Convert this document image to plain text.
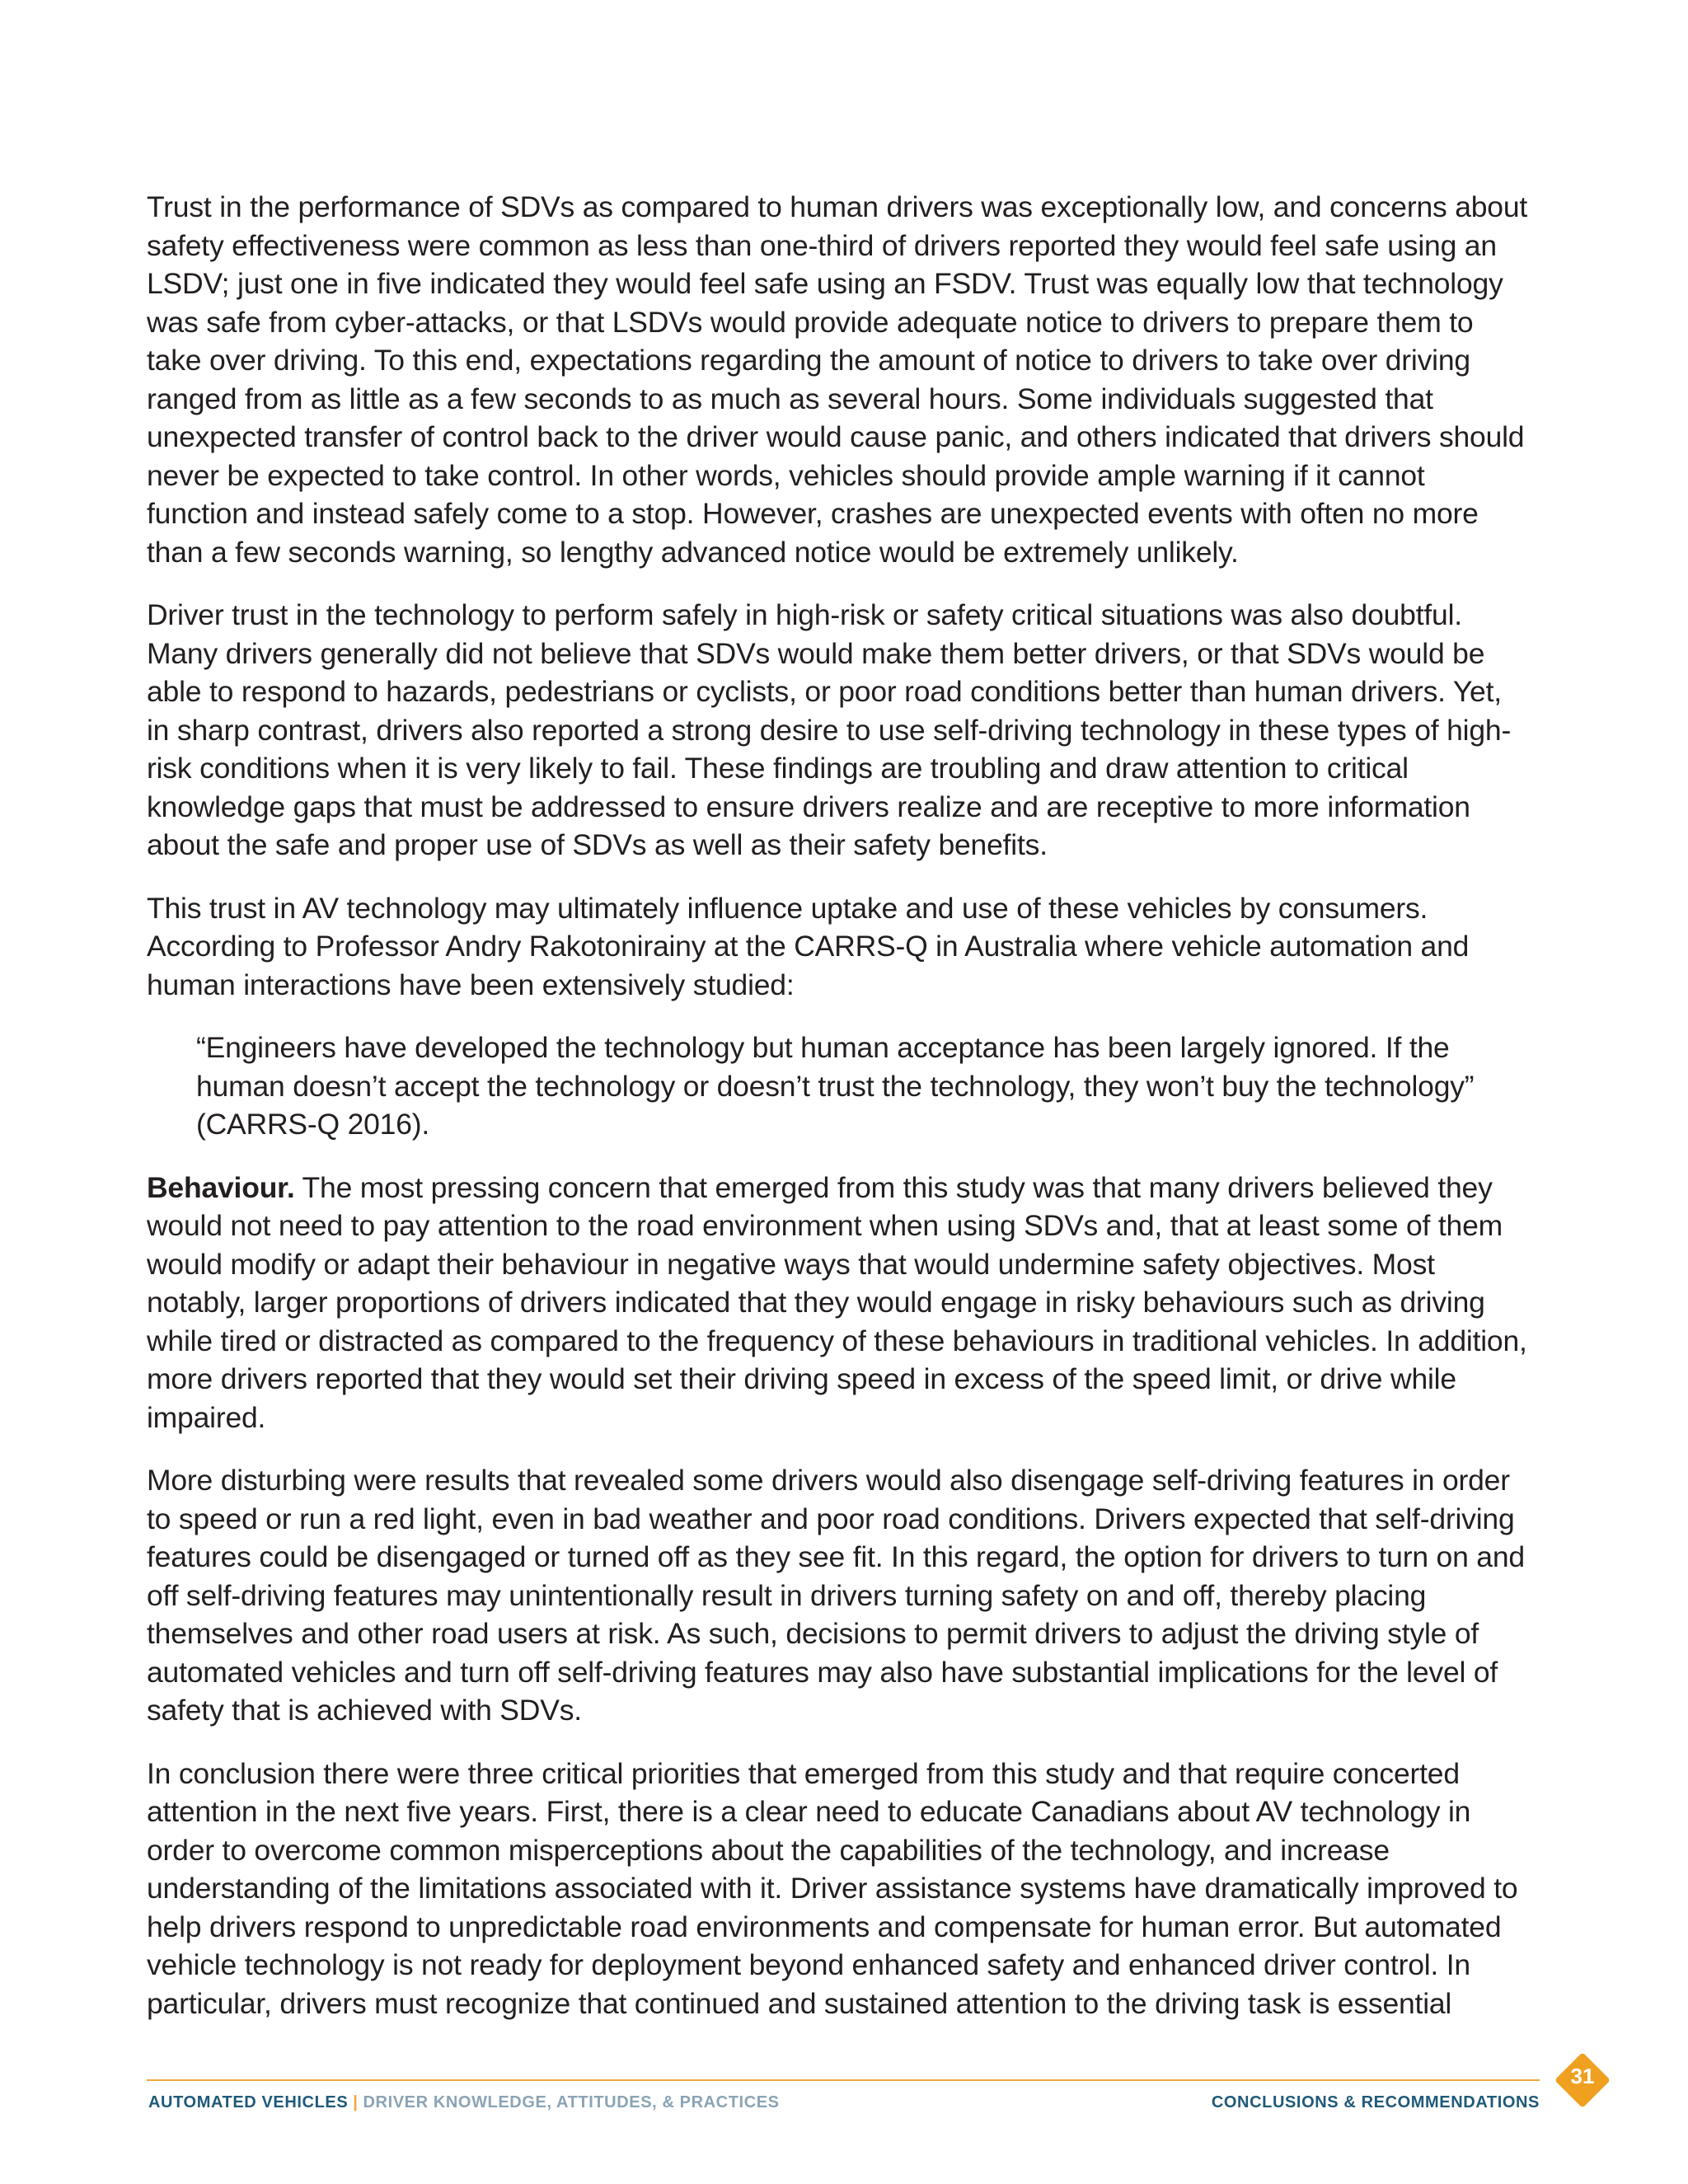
Trust in the performance of SDVs as compared to human drivers was exceptionally low, and concerns about safety effectiveness were common as less than one-third of drivers reported they would feel safe using an LSDV; just one in five indicated they would feel safe using an FSDV. Trust was equally low that technology was safe from cyber-attacks, or that LSDVs would provide adequate notice to drivers to prepare them to take over driving. To this end, expectations regarding the amount of notice to drivers to take over driving ranged from as little as a few seconds to as much as several hours. Some individuals suggested that unexpected transfer of control back to the driver would cause panic, and others indicated that drivers should never be expected to take control. In other words, vehicles should provide ample warning if it cannot function and instead safely come to a stop. However, crashes are unexpected events with often no more than a few seconds warning, so lengthy advanced notice would be extremely unlikely.

Driver trust in the technology to perform safely in high-risk or safety critical situations was also doubtful. Many drivers generally did not believe that SDVs would make them better drivers, or that SDVs would be able to respond to hazards, pedestrians or cyclists, or poor road conditions better than human drivers. Yet, in sharp contrast, drivers also reported a strong desire to use self-driving technology in these types of high-risk conditions when it is very likely to fail. These findings are troubling and draw attention to critical knowledge gaps that must be addressed to ensure drivers realize and are receptive to more information about the safe and proper use of SDVs as well as their safety benefits.

This trust in AV technology may ultimately influence uptake and use of these vehicles by consumers. According to Professor Andry Rakotonirainy at the CARRS-Q in Australia where vehicle automation and human interactions have been extensively studied:

“Engineers have developed the technology but human acceptance has been largely ignored. If the human doesn’t accept the technology or doesn’t trust the technology, they won’t buy the technology” (CARRS-Q 2016).

Behaviour. The most pressing concern that emerged from this study was that many drivers believed they would not need to pay attention to the road environment when using SDVs and, that at least some of them would modify or adapt their behaviour in negative ways that would undermine safety objectives. Most notably, larger proportions of drivers indicated that they would engage in risky behaviours such as driving while tired or distracted as compared to the frequency of these behaviours in traditional vehicles. In addition, more drivers reported that they would set their driving speed in excess of the speed limit, or drive while impaired.

More disturbing were results that revealed some drivers would also disengage self-driving features in order to speed or run a red light, even in bad weather and poor road conditions. Drivers expected that self-driving features could be disengaged or turned off as they see fit. In this regard, the option for drivers to turn on and off self-driving features may unintentionally result in drivers turning safety on and off, thereby placing themselves and other road users at risk. As such, decisions to permit drivers to adjust the driving style of automated vehicles and turn off self-driving features may also have substantial implications for the level of safety that is achieved with SDVs.

In conclusion there were three critical priorities that emerged from this study and that require concerted attention in the next five years. First, there is a clear need to educate Canadians about AV technology in order to overcome common misperceptions about the capabilities of the technology, and increase understanding of the limitations associated with it. Driver assistance systems have dramatically improved to help drivers respond to unpredictable road environments and compensate for human error. But automated vehicle technology is not ready for deployment beyond enhanced safety and enhanced driver control. In particular, drivers must recognize that continued and sustained attention to the driving task is essential

AUTOMATED VEHICLES | DRIVER KNOWLEDGE, ATTITUDES, & PRACTICES	CONCLUSIONS & RECOMMENDATIONS
31
